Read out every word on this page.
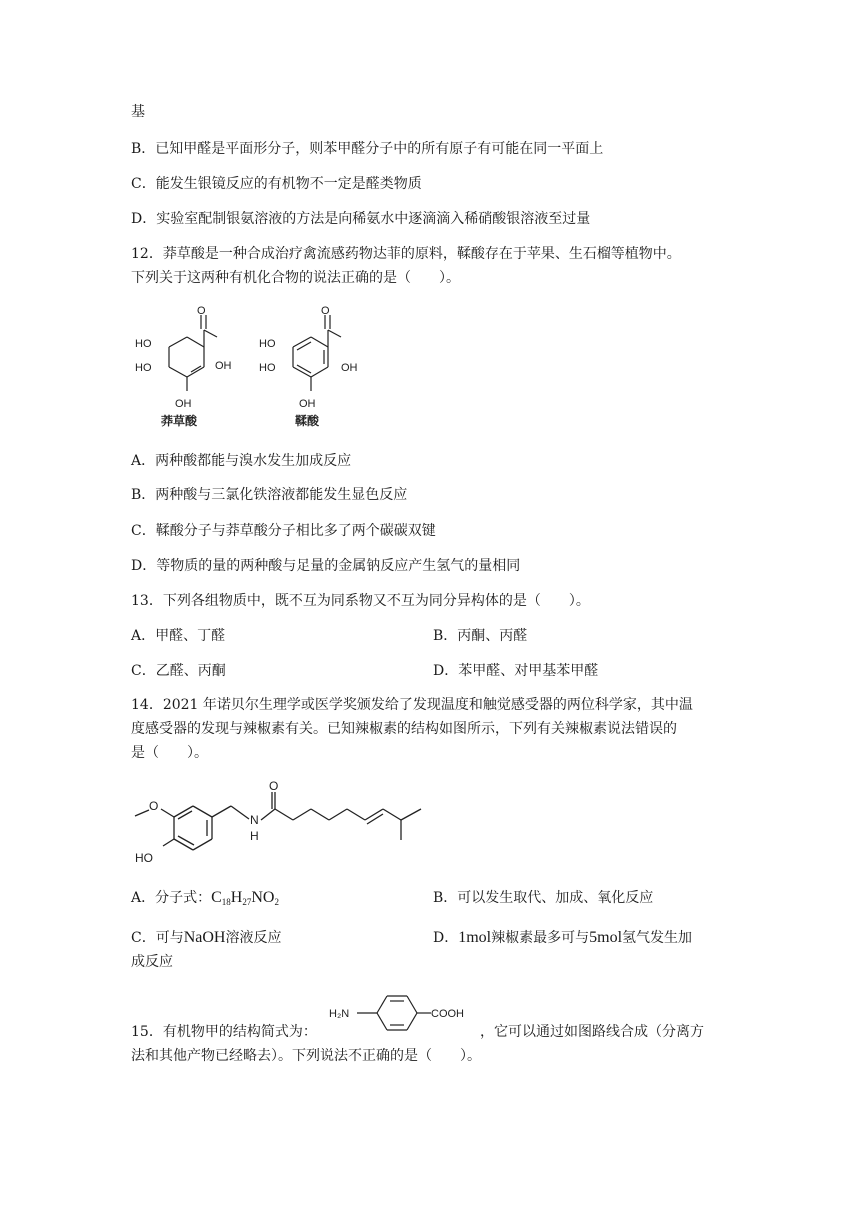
基
B．已知甲醛是平面形分子，则苯甲醛分子中的所有原子有可能在同一平面上
C．能发生银镜反应的有机物不一定是醛类物质
D．实验室配制银氨溶液的方法是向稀氨水中逐滴滴入稀硝酸银溶液至过量
12．莽草酸是一种合成治疗禽流感药物达菲的原料，鞣酸存在于苹果、生石榴等植物中。
下列关于这两种有机化合物的说法正确的是（　　）。
O
OH
HO
HO
OH
莽草酸
O
OH
HO
HO
OH
鞣酸
A．两种酸都能与溴水发生加成反应
B．两种酸与三氯化铁溶液都能发生显色反应
C．鞣酸分子与莽草酸分子相比多了两个碳碳双键
D．等物质的量的两种酸与足量的金属钠反应产生氢气的量相同
13．下列各组物质中，既不互为同系物又不互为同分异构体的是（　　）。
A．甲醛、丁醛	B．丙酮、丙醛
C．乙醛、丙酮	D．苯甲醛、对甲基苯甲醛
14．2021 年诺贝尔生理学或医学奖颁发给了发现温度和触觉感受器的两位科学家，其中温
度感受器的发现与辣椒素有关。已知辣椒素的结构如图所示，下列有关辣椒素说法错误的
是（　　）。
O
O
N
H
HO
A．分子式：$C_{18}H_{27}NO_2$	B．可以发生取代、加成、氧化反应
C．可与NaOH溶液反应	D．1mol辣椒素最多可与5mol氢气发生加
成反应
15．有机物甲的结构简式为：
H₂N	COOH
，它可以通过如图路线合成（分离方
法和其他产物已经略去）。下列说法不正确的是（　　）。
